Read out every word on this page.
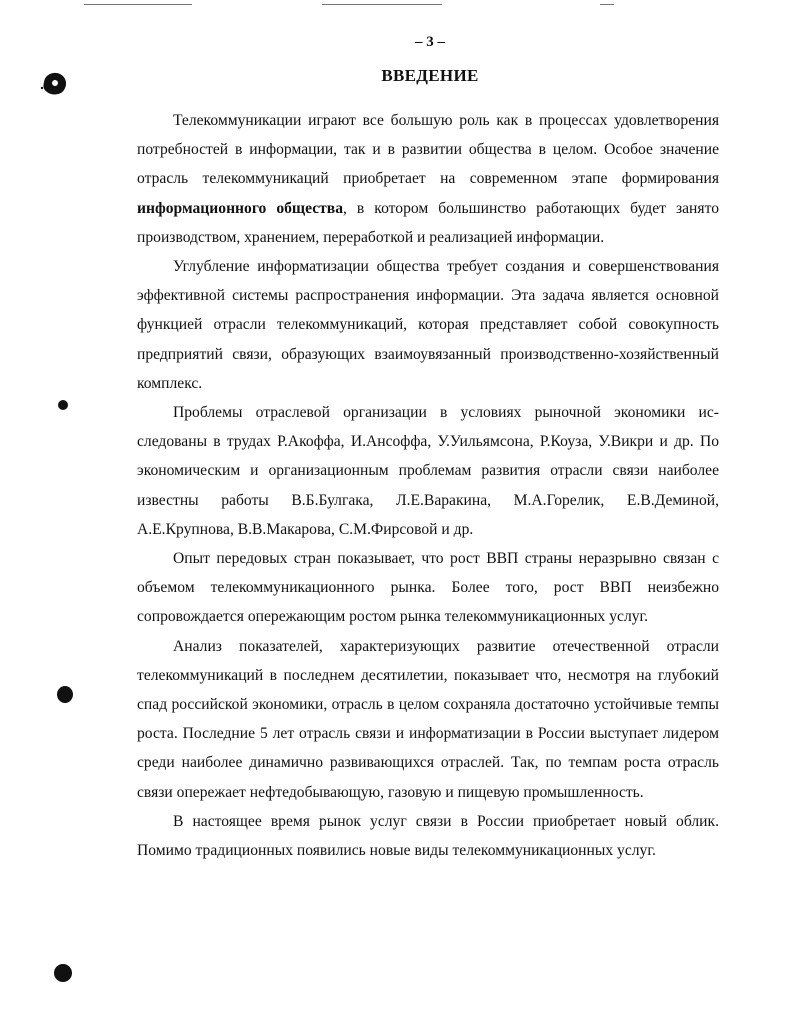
– 3 –
ВВЕДЕНИЕ

Телекоммуникации играют все большую роль как в процессах удовлетворения потребностей в информации, так и в развитии общества в целом. Особое значение отрасль телекоммуникаций приобретает на современном этапе формирования информационного общества, в котором большинство работающих будет занято производством, хранением, переработкой и реализацией информации.

Углубление информатизации общества требует создания и совершенствования эффективной системы распространения информации. Эта задача является основной функцией отрасли телекоммуникаций, которая представляет собой совокупность предприятий связи, образующих взаимоувязанный производственно-хозяйственный комплекс.

Проблемы отраслевой организации в условиях рыночной экономики исследованы в трудах Р.Акоффа, И.Ансоффа, У.Уильямсона, Р.Коуза, У.Викри и др. По экономическим и организационным проблемам развития отрасли связи наиболее известны работы В.Б.Булгака, Л.Е.Варакина, М.А.Горелик, Е.В.Деминой, А.Е.Крупнова, В.В.Макарова, С.М.Фирсовой и др.

Опыт передовых стран показывает, что рост ВВП страны неразрывно связан с объемом телекоммуникационного рынка. Более того, рост ВВП неизбежно сопровождается опережающим ростом рынка телекоммуникационных услуг.

Анализ показателей, характеризующих развитие отечественной отрасли телекоммуникаций в последнем десятилетии, показывает что, несмотря на глубокий спад российской экономики, отрасль в целом сохраняла достаточно устойчивые темпы роста. Последние 5 лет отрасль связи и информатизации в России выступает лидером среди наиболее динамично развивающихся отраслей. Так, по темпам роста отрасль связи опережает нефтедобывающую, газовую и пищевую промышленность.

В настоящее время рынок услуг связи в России приобретает новый облик. Помимо традиционных появились новые виды телекоммуникационных услуг.
